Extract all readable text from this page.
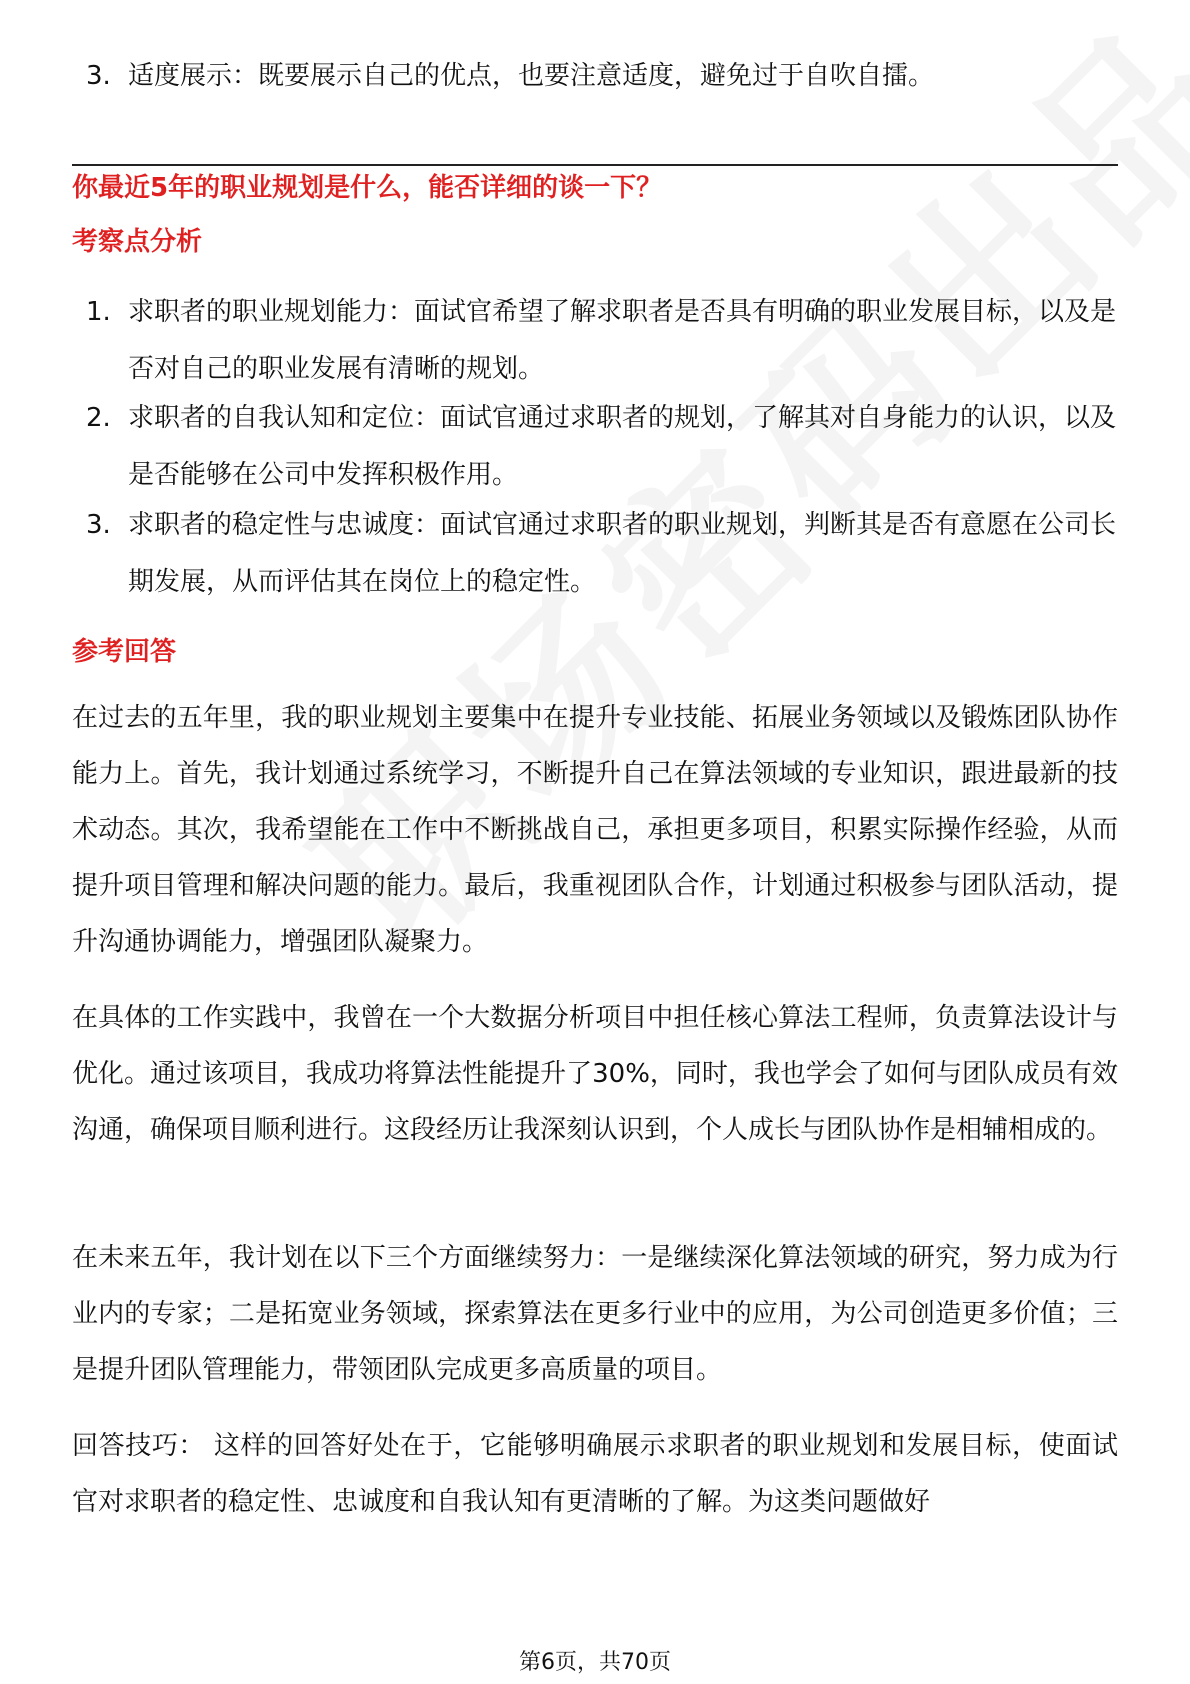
3. 适度展示：既要展示自己的优点，也要注意适度，避免过于自吹自擂。
你最近5年的职业规划是什么，能否详细的谈一下？
考察点分析
1. 求职者的职业规划能力：面试官希望了解求职者是否具有明确的职业发展目标，以及是否对自己的职业发展有清晰的规划。
2. 求职者的自我认知和定位：面试官通过求职者的规划，了解其对自身能力的认识，以及是否能够在公司中发挥积极作用。
3. 求职者的稳定性与忠诚度：面试官通过求职者的职业规划，判断其是否有意愿在公司长期发展，从而评估其在岗位上的稳定性。
参考回答
在过去的五年里，我的职业规划主要集中在提升专业技能、拓展业务领域以及锻炼团队协作能力上。首先，我计划通过系统学习，不断提升自己在算法领域的专业知识，跟进最新的技术动态。其次，我希望能在工作中不断挑战自己，承担更多项目，积累实际操作经验，从而提升项目管理和解决问题的能力。最后，我重视团队合作，计划通过积极参与团队活动，提升沟通协调能力，增强团队凝聚力。
在具体的工作实践中，我曾在一个大数据分析项目中担任核心算法工程师，负责算法设计与优化。通过该项目，我成功将算法性能提升了30%，同时，我也学会了如何与团队成员有效沟通，确保项目顺利进行。这段经历让我深刻认识到，个人成长与团队协作是相辅相成的。
在未来五年，我计划在以下三个方面继续努力：一是继续深化算法领域的研究，努力成为行业内的专家；二是拓宽业务领域，探索算法在更多行业中的应用，为公司创造更多价值；三是提升团队管理能力，带领团队完成更多高质量的项目。
回答技巧： 这样的回答好处在于，它能够明确展示求职者的职业规划和发展目标，使面试官对求职者的稳定性、忠诚度和自我认知有更清晰的了解。为这类问题做好
第6页，共70页
